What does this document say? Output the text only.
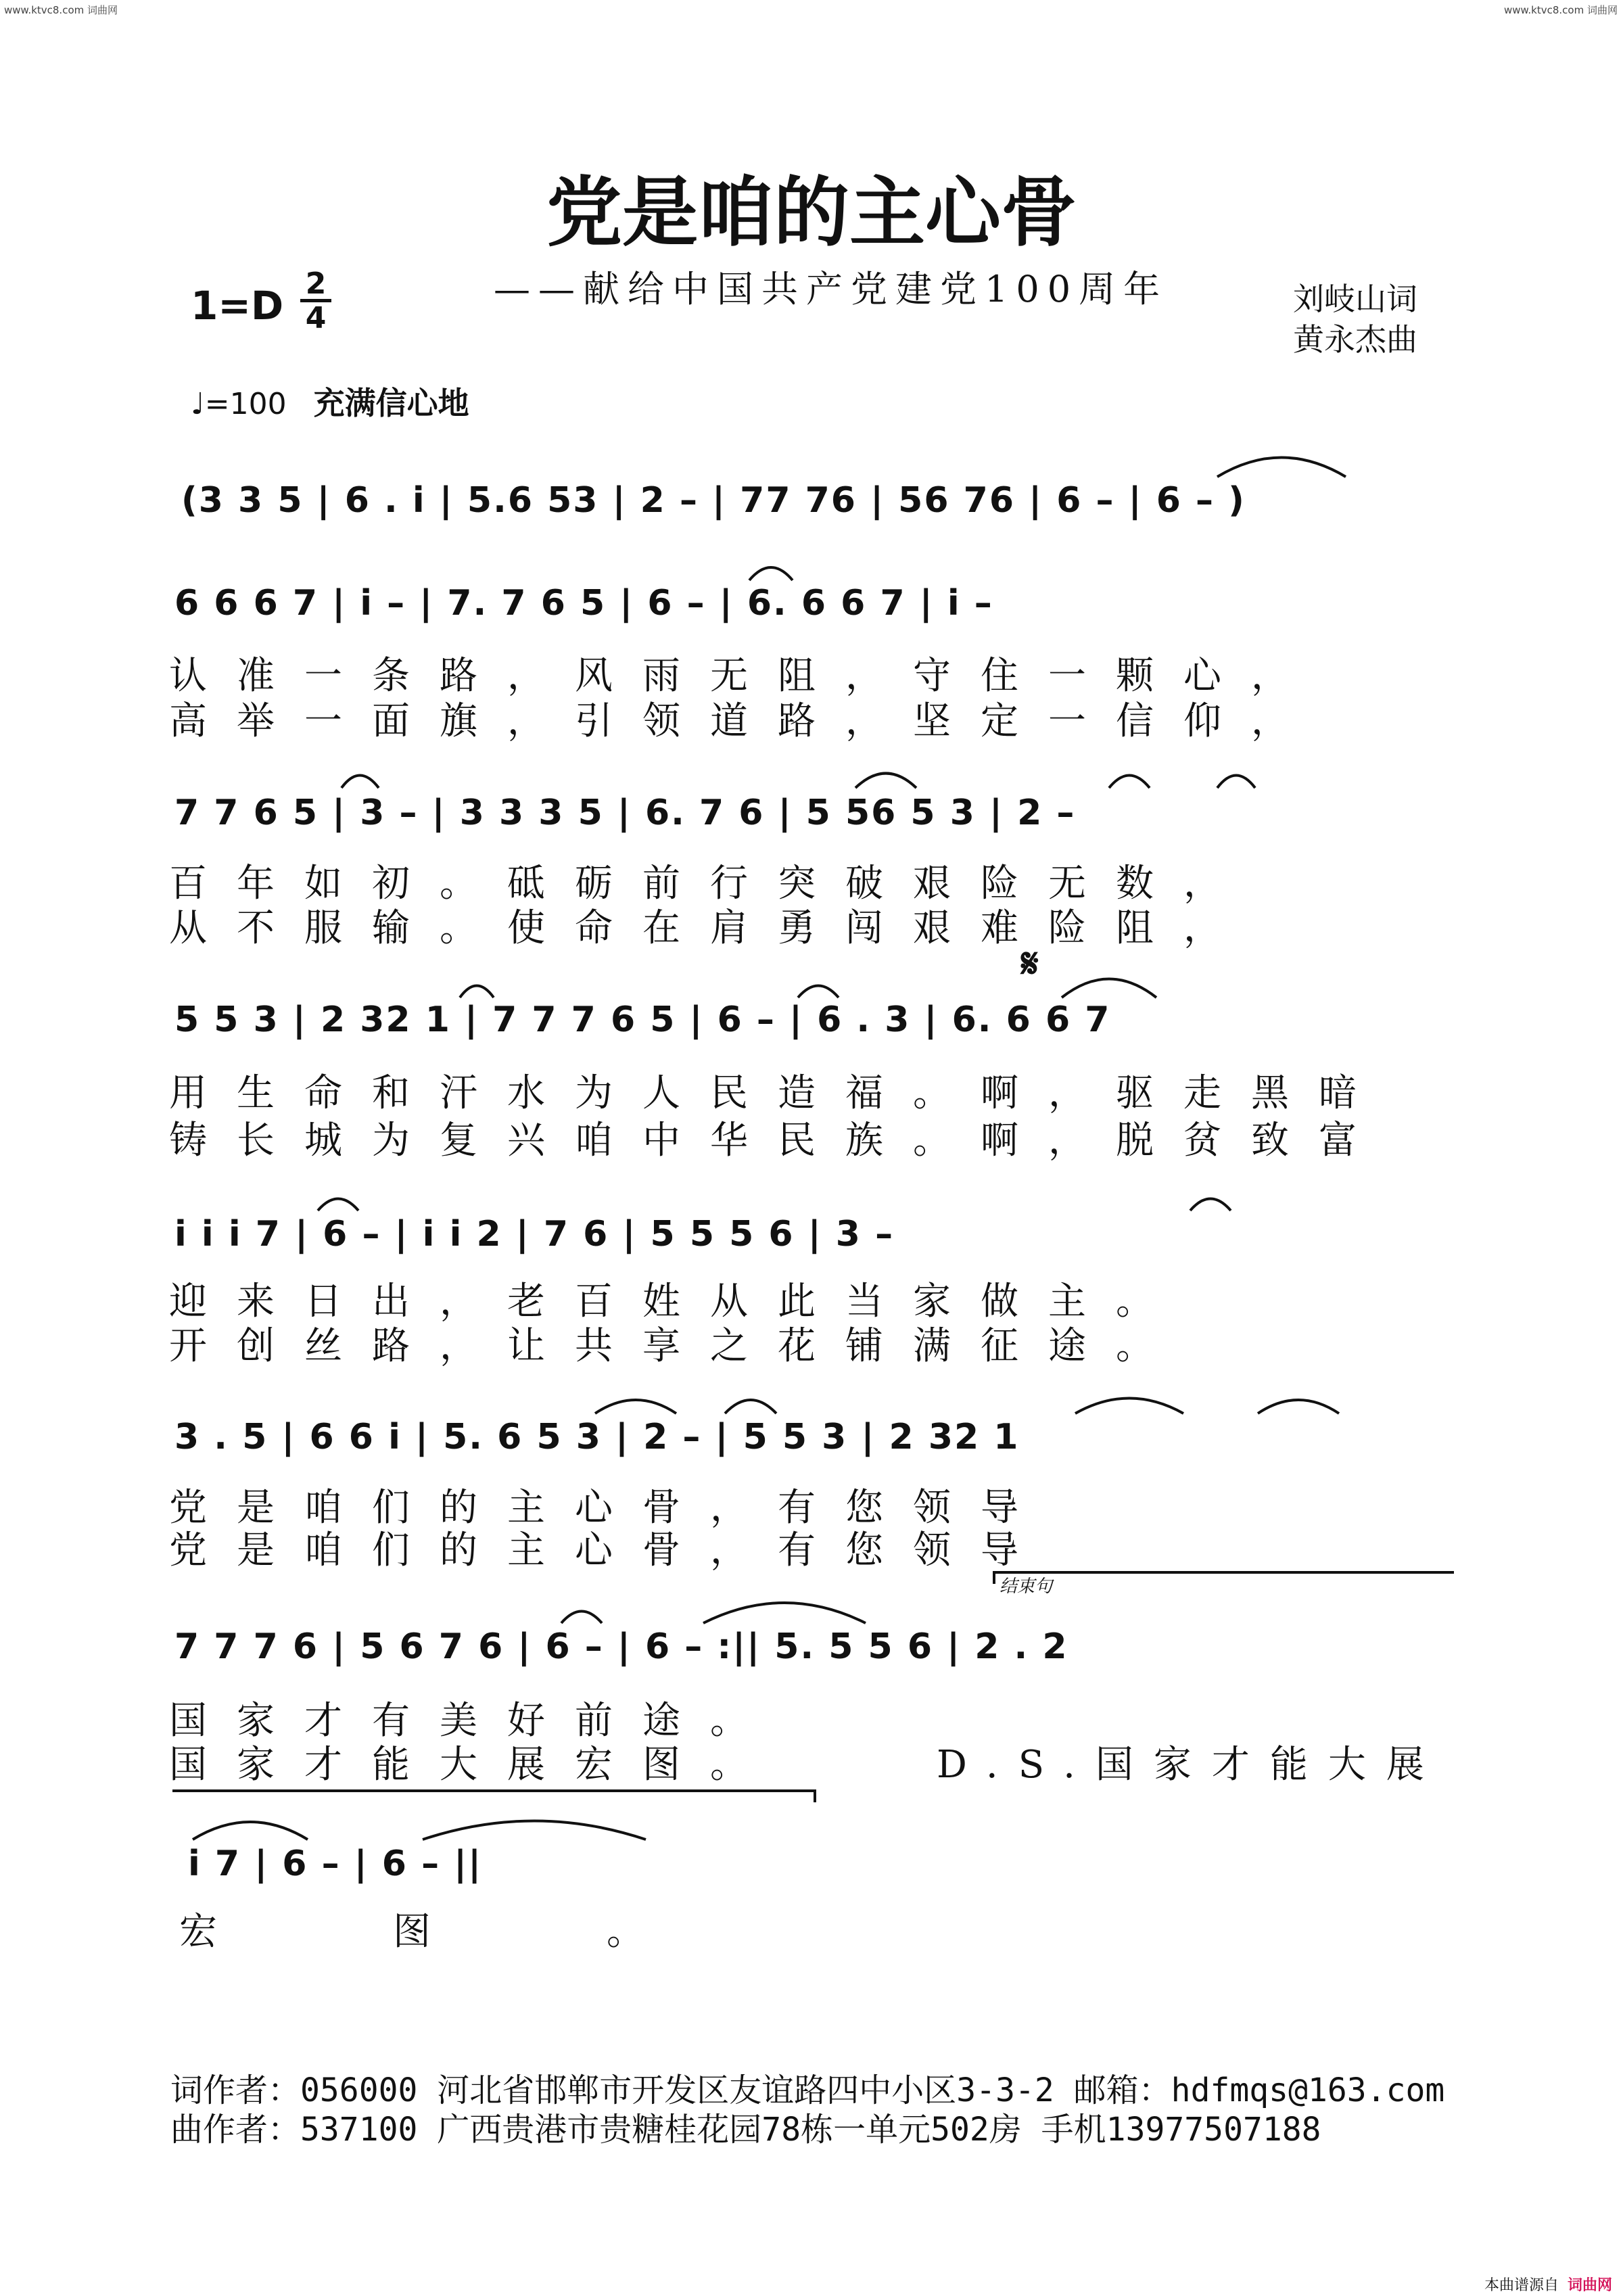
www.ktvc8.com 词曲网	www.ktvc8.com 词曲网
党是咱的主心骨
——献给中国共产党建党100周年
1=D 2
4
刘岐山词
黄永杰曲
♩=100 充满信心地
(3 3 5 | 6 . i | 5.6 53 | 2 – | 77 76 | 56 76 | 6 – | 6 – )
6 6 6 7 | i – | 7. 7 6 5 | 6 – | 6. 6 6 7 | i –
认准一条路，风雨无阻，守住一颗心，
高举一面旗，引领道路，坚定一信仰，
7 7 6 5 | 3 – | 3 3 3 5 | 6. 7 6 | 5 56 5 3 | 2 –
百年如初。砥砺前行突破艰险无数，
从不服输。使命在肩勇闯艰难险阻，
𝄋
5 5 3 | 2 32 1 | 7 7 7 6 5 | 6 – | 6 . 3 | 6. 6 6 7
用生命和汗水为人民造福。啊，驱走黑暗
铸长城为复兴咱中华民族。啊，脱贫致富
i i i 7 | 6 – | i i 2 | 7 6 | 5 5 5 6 | 3 –
迎来日出，老百姓从此当家做主。
开创丝路，让共享之花铺满征途。
3 . 5 | 6 6 i | 5. 6 5 3 | 2 – | 5 5 3 | 2 32 1
党是咱们的主心骨，有您领导
党是咱们的主心骨，有您领导
结束句
7 7 7 6 | 5 6 7 6 | 6 – | 6 – :|| 5. 5 5 6 | 2 . 2
国家才有美好前途。
国家才能大展宏图。	D.S.国家才能大展
i 7 | 6 – | 6 – ||
宏图。
词作者：056000 河北省邯郸市开发区友谊路四中小区3-3-2 邮箱：hdfmqs@163.com
曲作者：537100 广西贵港市贵糖桂花园78栋一单元502房 手机13977507188
本曲谱源自 词曲网
